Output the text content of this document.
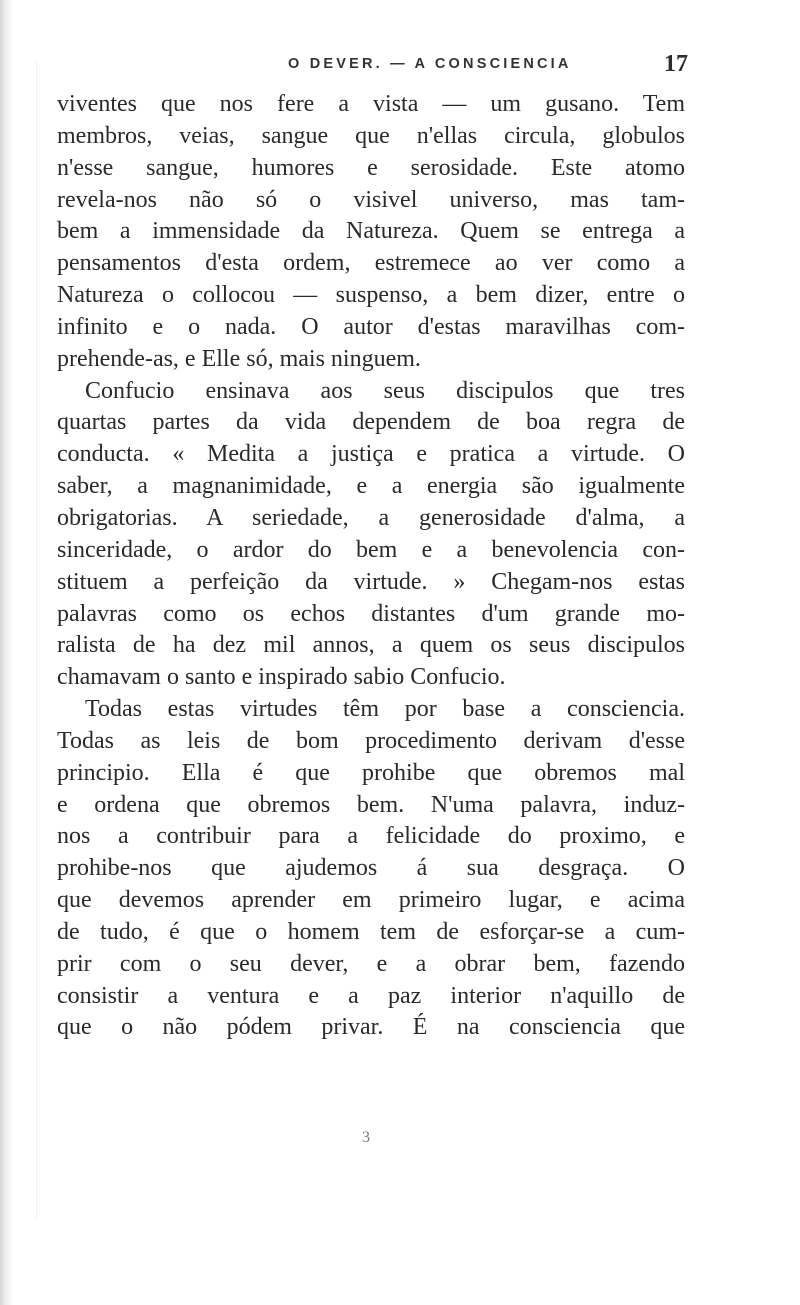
O DEVER. — A CONSCIENCIA	17
viventes que nos fere a vista — um gusano. Tem
membros, veias, sangue que n'ellas circula, globulos
n'esse sangue, humores e serosidade. Este atomo
revela-nos não só o visivel universo, mas tam-
bem a immensidade da Natureza. Quem se entrega a
pensamentos d'esta ordem, estremece ao ver como a
Natureza o collocou — suspenso, a bem dizer, entre o
infinito e o nada. O autor d'estas maravilhas com-
prehende-as, e Elle só, mais ninguem.
Confucio ensinava aos seus discipulos que tres
quartas partes da vida dependem de boa regra de
conducta. « Medita a justiça e pratica a virtude. O
saber, a magnanimidade, e a energia são igualmente
obrigatorias. A seriedade, a generosidade d'alma, a
sinceridade, o ardor do bem e a benevolencia con-
stituem a perfeição da virtude. » Chegam-nos estas
palavras como os echos distantes d'um grande mo-
ralista de ha dez mil annos, a quem os seus discipulos
chamavam o santo e inspirado sabio Confucio.
Todas estas virtudes têm por base a consciencia.
Todas as leis de bom procedimento derivam d'esse
principio. Ella é que prohibe que obremos mal
e ordena que obremos bem. N'uma palavra, induz-
nos a contribuir para a felicidade do proximo, e
prohibe-nos que ajudemos á sua desgraça. O
que devemos aprender em primeiro lugar, e acima
de tudo, é que o homem tem de esforçar-se a cum-
prir com o seu dever, e a obrar bem, fazendo
consistir a ventura e a paz interior n'aquillo de
que o não pódem privar. É na consciencia que
3
